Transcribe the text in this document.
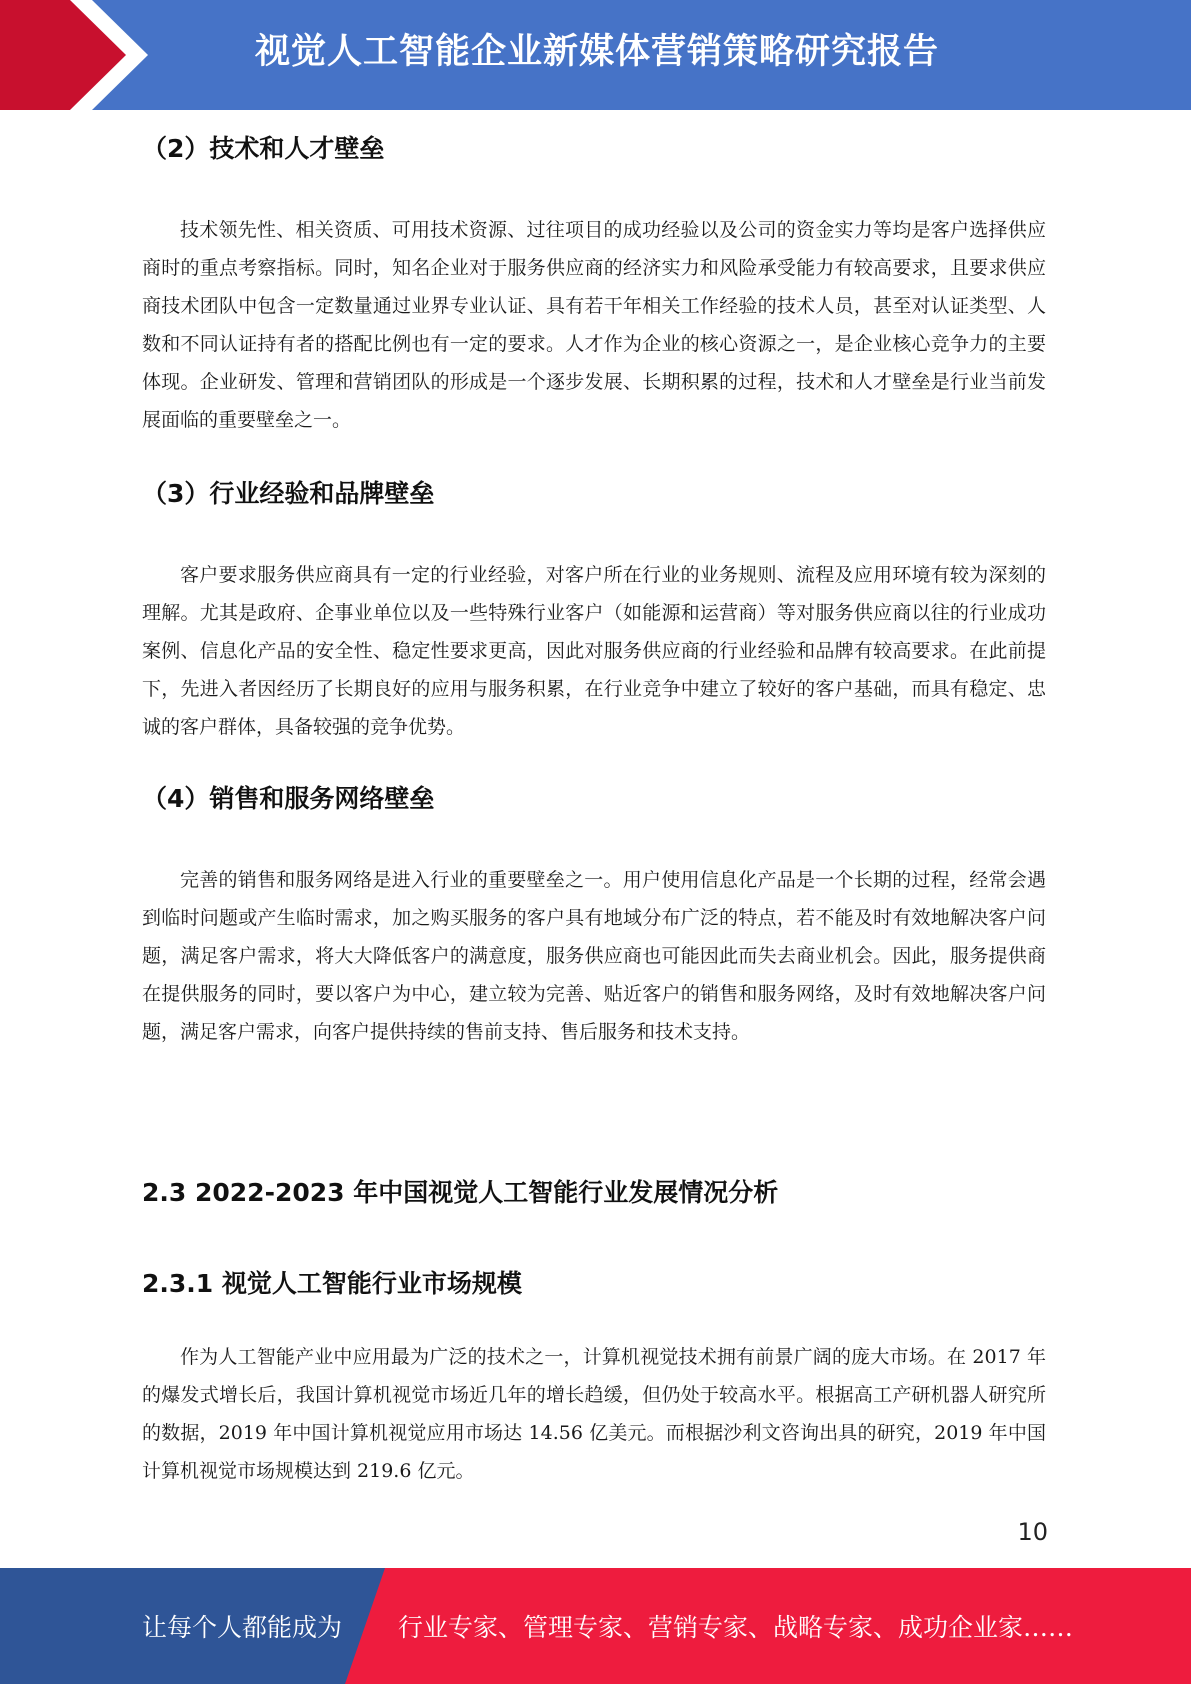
视觉人工智能企业新媒体营销策略研究报告
（2）技术和人才壁垒

技术领先性、相关资质、可用技术资源、过往项目的成功经验以及公司的资金实力等均是客户选择供应商时的重点考察指标。同时，知名企业对于服务供应商的经济实力和风险承受能力有较高要求，且要求供应商技术团队中包含一定数量通过业界专业认证、具有若干年相关工作经验的技术人员，甚至对认证类型、人数和不同认证持有者的搭配比例也有一定的要求。人才作为企业的核心资源之一，是企业核心竞争力的主要体现。企业研发、管理和营销团队的形成是一个逐步发展、长期积累的过程，技术和人才壁垒是行业当前发展面临的重要壁垒之一。

（3）行业经验和品牌壁垒

客户要求服务供应商具有一定的行业经验，对客户所在行业的业务规则、流程及应用环境有较为深刻的理解。尤其是政府、企事业单位以及一些特殊行业客户（如能源和运营商）等对服务供应商以往的行业成功案例、信息化产品的安全性、稳定性要求更高，因此对服务供应商的行业经验和品牌有较高要求。在此前提下，先进入者因经历了长期良好的应用与服务积累，在行业竞争中建立了较好的客户基础，而具有稳定、忠诚的客户群体，具备较强的竞争优势。

（4）销售和服务网络壁垒

完善的销售和服务网络是进入行业的重要壁垒之一。用户使用信息化产品是一个长期的过程，经常会遇到临时问题或产生临时需求，加之购买服务的客户具有地域分布广泛的特点，若不能及时有效地解决客户问题，满足客户需求，将大大降低客户的满意度，服务供应商也可能因此而失去商业机会。因此，服务提供商在提供服务的同时，要以客户为中心，建立较为完善、贴近客户的销售和服务网络，及时有效地解决客户问题，满足客户需求，向客户提供持续的售前支持、售后服务和技术支持。

2.3 2022-2023 年中国视觉人工智能行业发展情况分析
2.3.1 视觉人工智能行业市场规模

作为人工智能产业中应用最为广泛的技术之一，计算机视觉技术拥有前景广阔的庞大市场。在 2017 年的爆发式增长后，我国计算机视觉市场近几年的增长趋缓，但仍处于较高水平。根据高工产研机器人研究所的数据，2019 年中国计算机视觉应用市场达 14.56 亿美元。而根据沙利文咨询出具的研究，2019 年中国计算机视觉市场规模达到 219.6 亿元。

10
让每个人都能成为 行业专家、管理专家、营销专家、战略专家、成功企业家……
